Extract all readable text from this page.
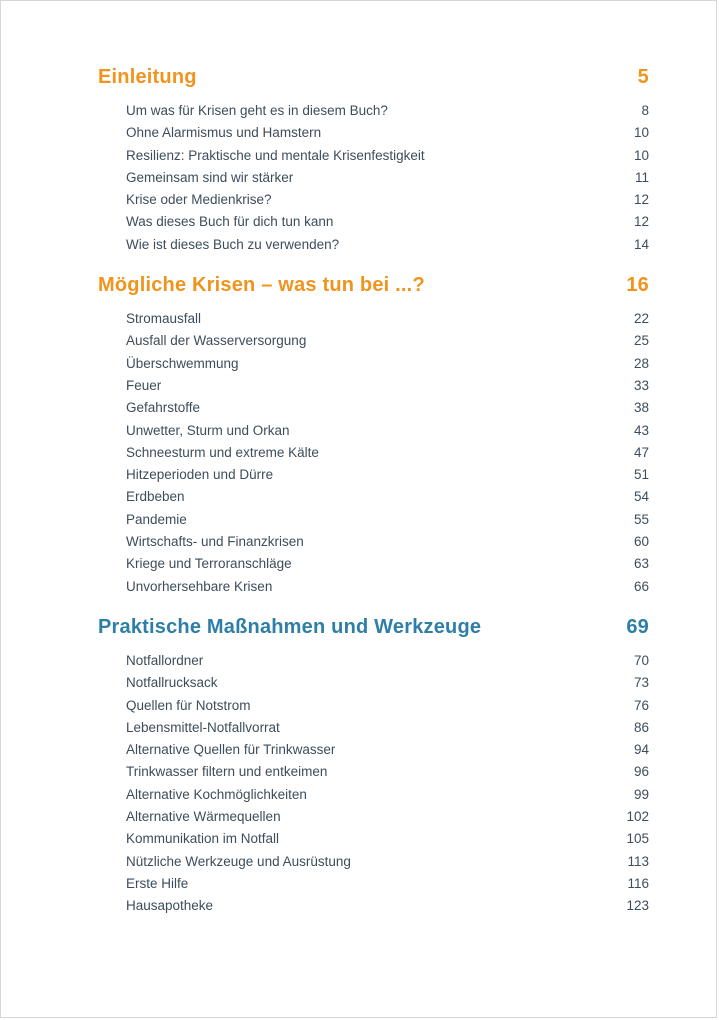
Einleitung	5
Um was für Krisen geht es in diesem Buch?	8
Ohne Alarmismus und Hamstern	10
Resilienz: Praktische und mentale Krisenfestigkeit	10
Gemeinsam sind wir stärker	11
Krise oder Medienkrise?	12
Was dieses Buch für dich tun kann	12
Wie ist dieses Buch zu verwenden?	14
Mögliche Krisen – was tun bei ...?	16
Stromausfall	22
Ausfall der Wasserversorgung	25
Überschwemmung	28
Feuer	33
Gefahrstoffe	38
Unwetter, Sturm und Orkan	43
Schneesturm und extreme Kälte	47
Hitzeperioden und Dürre	51
Erdbeben	54
Pandemie	55
Wirtschafts- und Finanzkrisen	60
Kriege und Terroranschläge	63
Unvorhersehbare Krisen	66
Praktische Maßnahmen und Werkzeuge	69
Notfallordner	70
Notfallrucksack	73
Quellen für Notstrom	76
Lebensmittel-Notfallvorrat	86
Alternative Quellen für Trinkwasser	94
Trinkwasser filtern und entkeimen	96
Alternative Kochmöglichkeiten	99
Alternative Wärmequellen	102
Kommunikation im Notfall	105
Nützliche Werkzeuge und Ausrüstung	113
Erste Hilfe	116
Hausapotheke	123
